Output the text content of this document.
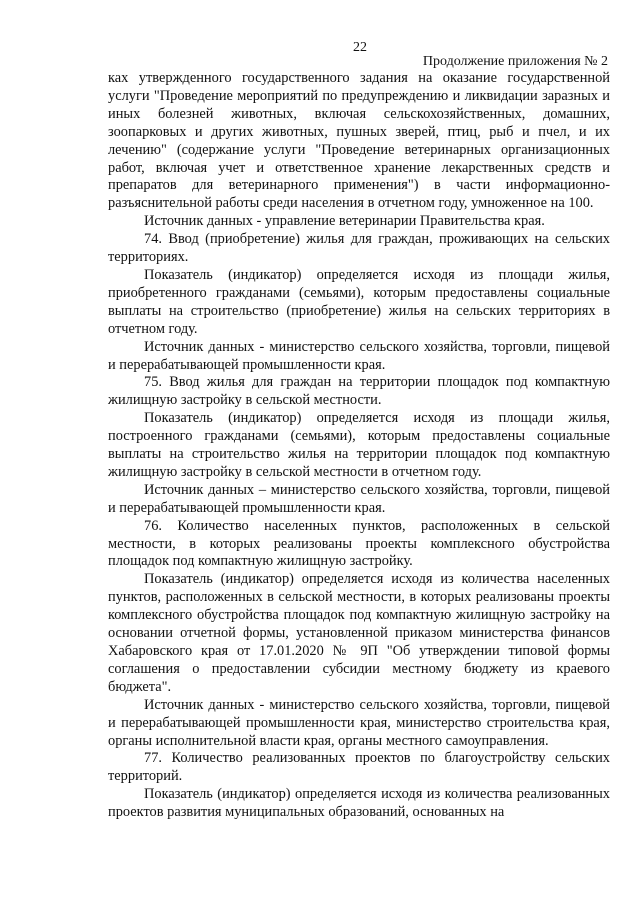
22
Продолжение приложения № 2

ках утвержденного государственного задания на оказание государственной услуги "Проведение мероприятий по предупреждению и ликвидации заразных и иных болезней животных, включая сельскохозяйственных, домашних, зоопарковых и других животных, пушных зверей, птиц, рыб и пчел, и их лечению" (содержание услуги "Проведение ветеринарных организационных работ, включая учет и ответственное хранение лекарственных средств и препаратов для ветеринарного применения") в части информационно-разъяснительной работы среди населения в отчетном году, умноженное на 100.

Источник данных - управление ветеринарии Правительства края.

74. Ввод (приобретение) жилья для граждан, проживающих на сельских территориях.

Показатель (индикатор) определяется исходя из площади жилья, приобретенного гражданами (семьями), которым предоставлены социальные выплаты на строительство (приобретение) жилья на сельских территориях в отчетном году.

Источник данных - министерство сельского хозяйства, торговли, пищевой и перерабатывающей промышленности края.

75. Ввод жилья для граждан на территории площадок под компактную жилищную застройку в сельской местности.

Показатель (индикатор) определяется исходя из площади жилья, построенного гражданами (семьями), которым предоставлены социальные выплаты на строительство жилья на территории площадок под компактную жилищную застройку в сельской местности в отчетном году.

Источник данных – министерство сельского хозяйства, торговли, пищевой и перерабатывающей промышленности края.

76. Количество населенных пунктов, расположенных в сельской местности, в которых реализованы проекты комплексного обустройства площадок под компактную жилищную застройку.

Показатель (индикатор) определяется исходя из количества населенных пунктов, расположенных в сельской местности, в которых реализованы проекты комплексного обустройства площадок под компактную жилищную застройку на основании отчетной формы, установленной приказом министерства финансов Хабаровского края от 17.01.2020 № 9П "Об утверждении типовой формы соглашения о предоставлении субсидии местному бюджету из краевого бюджета".

Источник данных - министерство сельского хозяйства, торговли, пищевой и перерабатывающей промышленности края, министерство строительства края, органы исполнительной власти края, органы местного самоуправления.

77. Количество реализованных проектов по благоустройству сельских территорий.

Показатель (индикатор) определяется исходя из количества реализованных проектов развития муниципальных образований, основанных на
